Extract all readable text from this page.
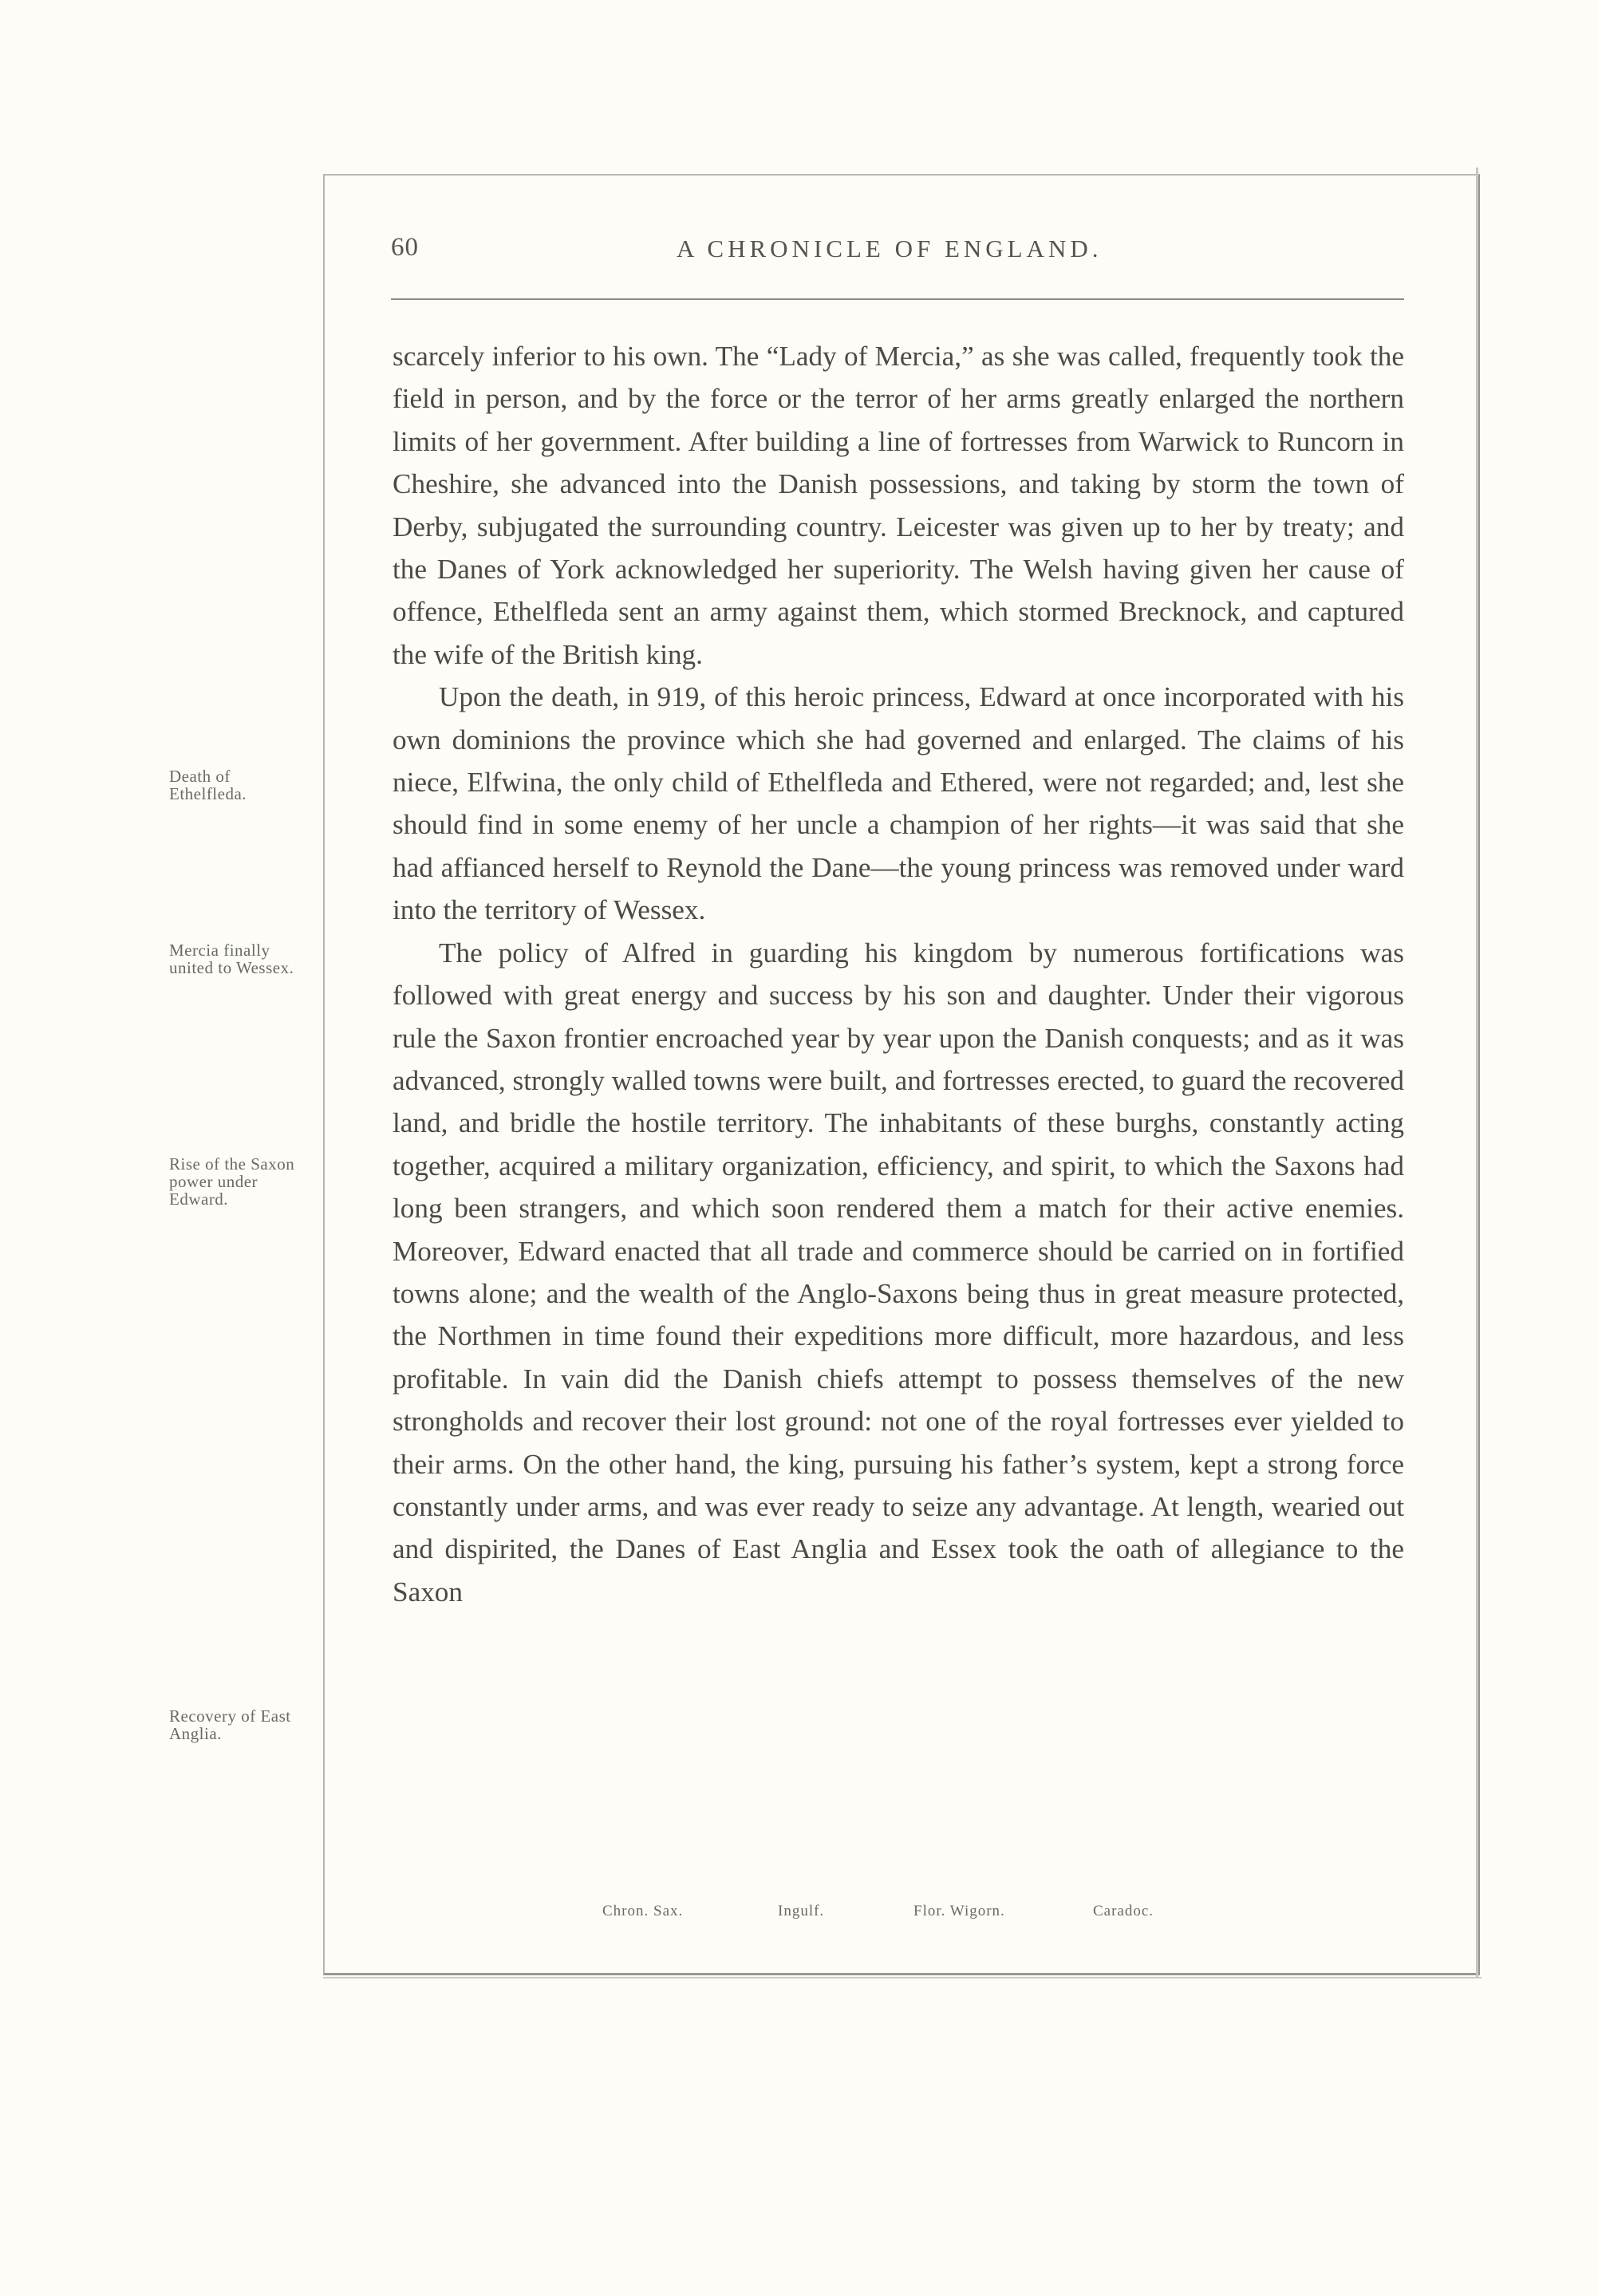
60	A CHRONICLE OF ENGLAND.
Death of Ethelfleda.
Mercia finally united to Wessex.
Rise of the Saxon power under Edward.
Recovery of East Anglia.

scarcely inferior to his own. The “Lady of Mercia,” as she was called, frequently took the field in person, and by the force or the terror of her arms greatly enlarged the northern limits of her government. After building a line of fortresses from Warwick to Runcorn in Cheshire, she advanced into the Danish possessions, and taking by storm the town of Derby, subjugated the surrounding country. Leicester was given up to her by treaty; and the Danes of York acknowledged her superiority. The Welsh having given her cause of offence, Ethelfleda sent an army against them, which stormed Brecknock, and captured the wife of the British king.

Upon the death, in 919, of this heroic princess, Edward at once incorporated with his own dominions the province which she had governed and enlarged. The claims of his niece, Elfwina, the only child of Ethelfleda and Ethered, were not regarded; and, lest she should find in some enemy of her uncle a champion of her rights—it was said that she had affianced herself to Reynold the Dane—the young princess was removed under ward into the territory of Wessex.

The policy of Alfred in guarding his kingdom by numerous fortifications was followed with great energy and success by his son and daughter. Under their vigorous rule the Saxon frontier encroached year by year upon the Danish conquests; and as it was advanced, strongly walled towns were built, and fortresses erected, to guard the recovered land, and bridle the hostile territory. The inhabitants of these burghs, constantly acting together, acquired a military organization, efficiency, and spirit, to which the Saxons had long been strangers, and which soon rendered them a match for their active enemies. Moreover, Edward enacted that all trade and commerce should be carried on in fortified towns alone; and the wealth of the Anglo-Saxons being thus in great measure protected, the Northmen in time found their expeditions more difficult, more hazardous, and less profitable. In vain did the Danish chiefs attempt to possess themselves of the new strongholds and recover their lost ground: not one of the royal fortresses ever yielded to their arms. On the other hand, the king, pursuing his father’s system, kept a strong force constantly under arms, and was ever ready to seize any advantage. At length, wearied out and dispirited, the Danes of East Anglia and Essex took the oath of allegiance to the Saxon

Chron. Sax.	Ingulf.	Flor. Wigorn.	Caradoc.
